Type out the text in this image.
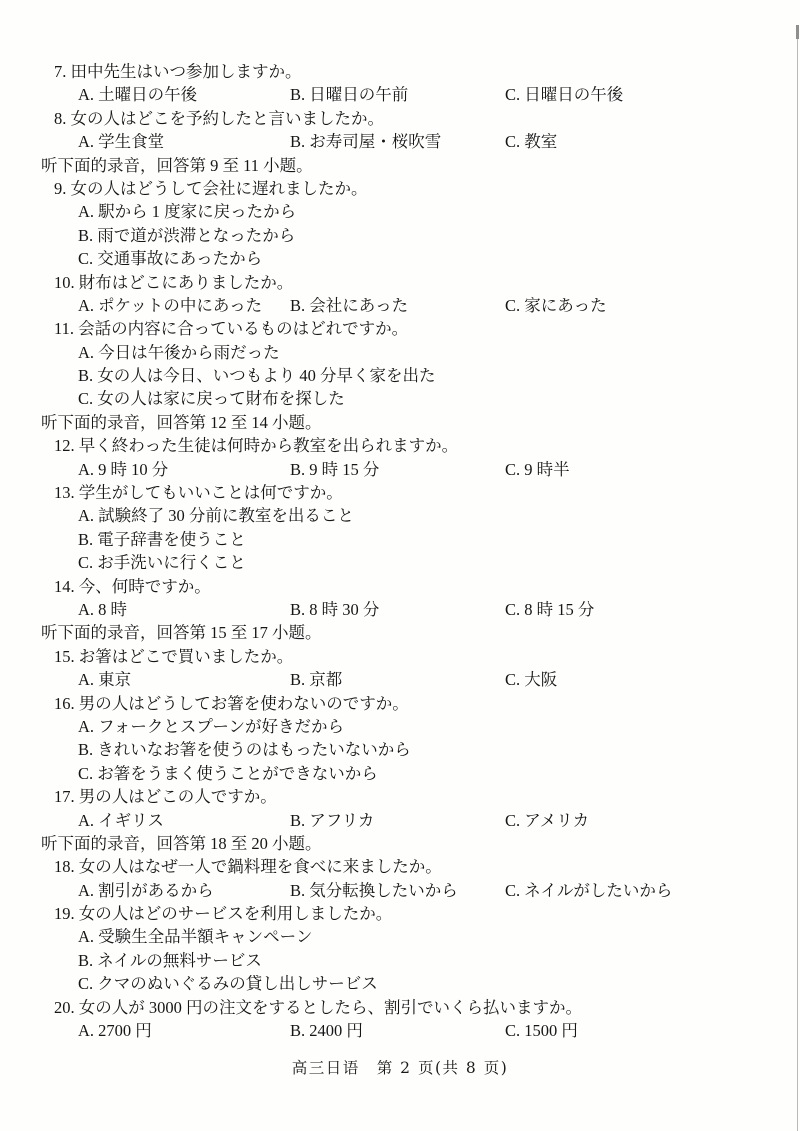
7. 田中先生はいつ参加しますか。
A. 土曜日の午後	B. 日曜日の午前	C. 日曜日の午後
8. 女の人はどこを予約したと言いましたか。
A. 学生食堂	B. お寿司屋・桜吹雪	C. 教室
听下面的录音，回答第 9 至 11 小题。
9. 女の人はどうして会社に遅れましたか。
A. 駅から 1 度家に戻ったから
B. 雨で道が渋滞となったから
C. 交通事故にあったから
10. 財布はどこにありましたか。
A. ポケットの中にあった	B. 会社にあった	C. 家にあった
11. 会話の内容に合っているものはどれですか。
A. 今日は午後から雨だった
B. 女の人は今日、いつもより 40 分早く家を出た
C. 女の人は家に戻って財布を探した
听下面的录音，回答第 12 至 14 小题。
12. 早く終わった生徒は何時から教室を出られますか。
A. 9 時 10 分	B. 9 時 15 分	C. 9 時半
13. 学生がしてもいいことは何ですか。
A. 試験終了 30 分前に教室を出ること
B. 電子辞書を使うこと
C. お手洗いに行くこと
14. 今、何時ですか。
A. 8 時	B. 8 時 30 分	C. 8 時 15 分
听下面的录音，回答第 15 至 17 小题。
15. お箸はどこで買いましたか。
A. 東京	B. 京都	C. 大阪
16. 男の人はどうしてお箸を使わないのですか。
A. フォークとスプーンが好きだから
B. きれいなお箸を使うのはもったいないから
C. お箸をうまく使うことができないから
17. 男の人はどこの人ですか。
A. イギリス	B. アフリカ	C. アメリカ
听下面的录音，回答第 18 至 20 小题。
18. 女の人はなぜ一人で鍋料理を食べに来ましたか。
A. 割引があるから	B. 気分転換したいから	C. ネイルがしたいから
19. 女の人はどのサービスを利用しましたか。
A. 受験生全品半額キャンペーン
B. ネイルの無料サービス
C. クマのぬいぐるみの貸し出しサービス
20. 女の人が 3000 円の注文をするとしたら、割引でいくら払いますか。
A. 2700 円	B. 2400 円	C. 1500 円
高三日语　第 2 页(共 8 页)
